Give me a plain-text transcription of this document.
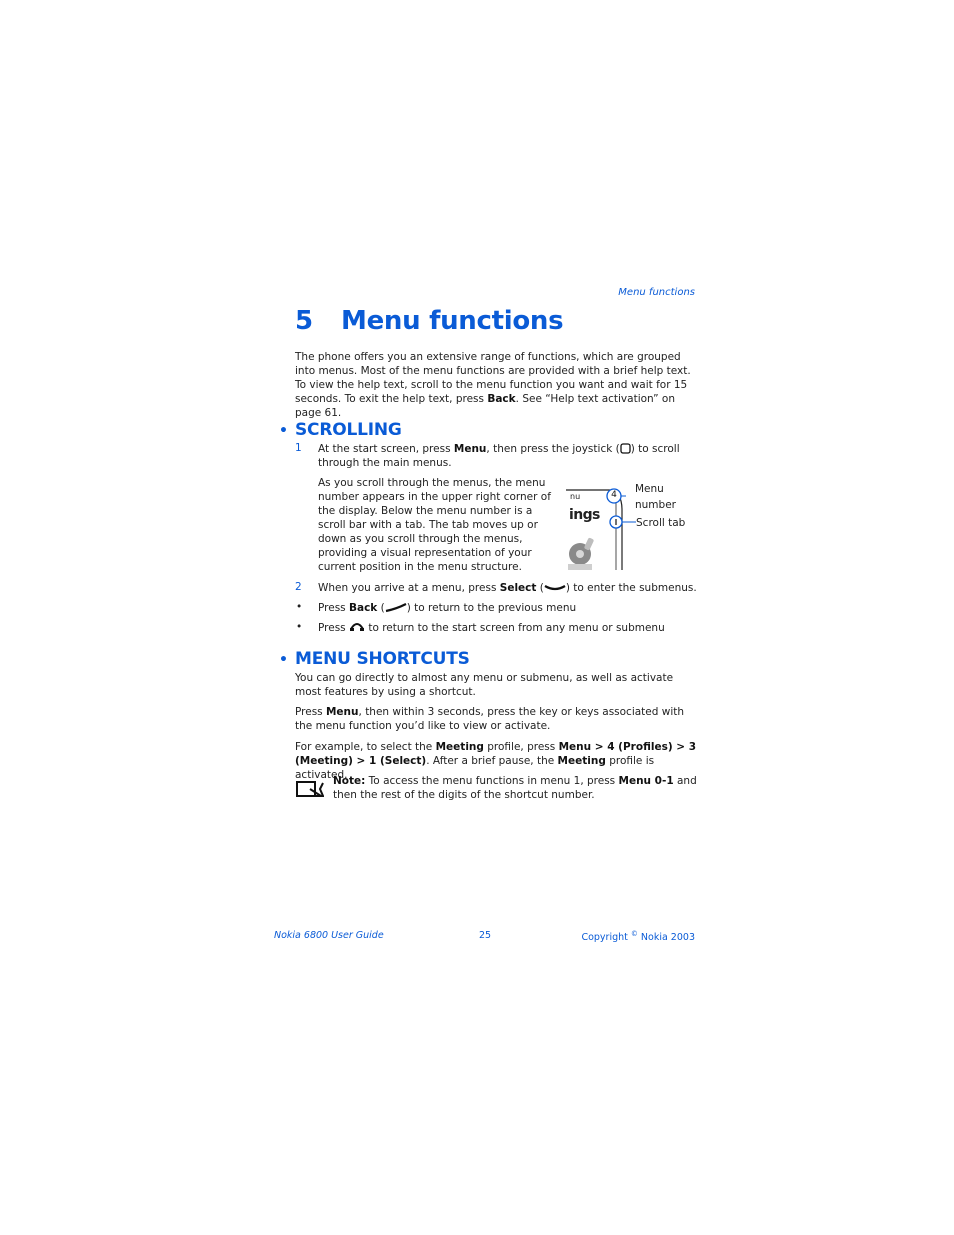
Menu functions
5 Menu functions
The phone offers you an extensive range of functions, which are grouped into menus. Most of the menu functions are provided with a brief help text. To view the help text, scroll to the menu function you want and wait for 15 seconds. To exit the help text, press Back. See “Help text activation” on page 61.
• SCROLLING
1 At the start screen, press Menu, then press the joystick ( ) to scroll through the main menus.
As you scroll through the menus, the menu number appears in the upper right corner of the display. Below the menu number is a scroll bar with a tab. The tab moves up or down as you scroll through the menus, providing a visual representation of your current position in the menu structure.
nu
ings
4 Menu number
Scroll tab
2 When you arrive at a menu, press Select ( ) to enter the submenus.
• Press Back ( ) to return to the previous menu
• Press  to return to the start screen from any menu or submenu
• MENU SHORTCUTS
You can go directly to almost any menu or submenu, as well as activate most features by using a shortcut.
Press Menu, then within 3 seconds, press the key or keys associated with the menu function you’d like to view or activate.
For example, to select the Meeting profile, press Menu > 4 (Profiles) > 3 (Meeting) > 1 (Select). After a brief pause, the Meeting profile is activated.
Note: To access the menu functions in menu 1, press Menu 0-1 and then the rest of the digits of the shortcut number.
Nokia 6800 User Guide	25	Copyright © Nokia 2003
